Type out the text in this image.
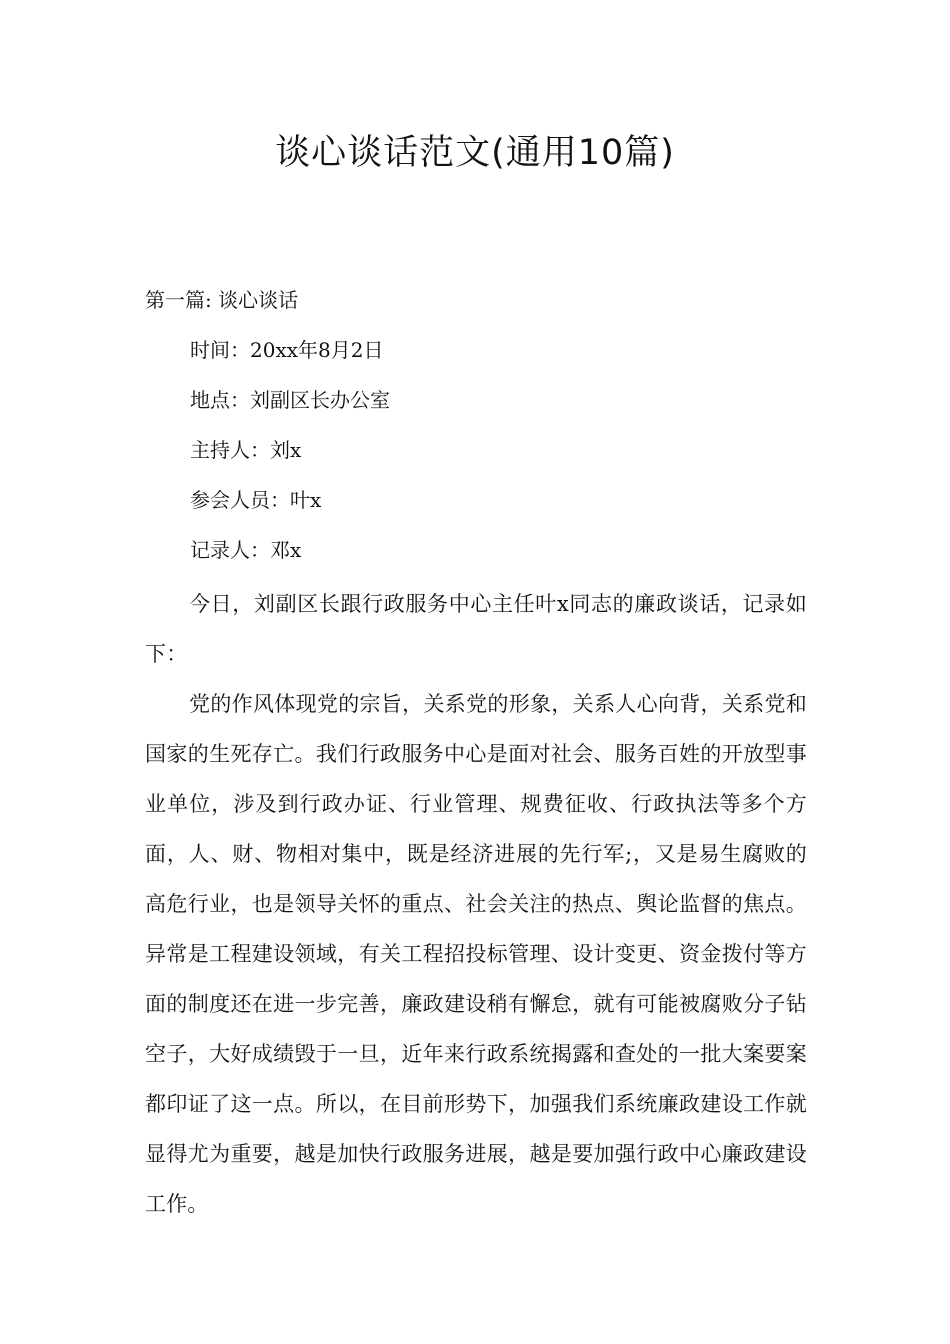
谈心谈话范文(通用10篇)

第一篇: 谈心谈话

时间：20xx年8月2日
地点：刘副区长办公室
主持人：刘x
参会人员：叶x
记录人：邓x

今日，刘副区长跟行政服务中心主任叶x同志的廉政谈话，记录如下：

党的作风体现党的宗旨，关系党的形象，关系人心向背，关系党和国家的生死存亡。我们行政服务中心是面对社会、服务百姓的开放型事业单位，涉及到行政办证、行业管理、规费征收、行政执法等多个方面，人、财、物相对集中，既是经济进展的先行军;，又是易生腐败的高危行业，也是领导关怀的重点、社会关注的热点、舆论监督的焦点。异常是工程建设领域，有关工程招投标管理、设计变更、资金拨付等方面的制度还在进一步完善，廉政建设稍有懈怠，就有可能被腐败分子钻空子，大好成绩毁于一旦，近年来行政系统揭露和查处的一批大案要案都印证了这一点。所以，在目前形势下，加强我们系统廉政建设工作就显得尤为重要，越是加快行政服务进展，越是要加强行政中心廉政建设工作。
